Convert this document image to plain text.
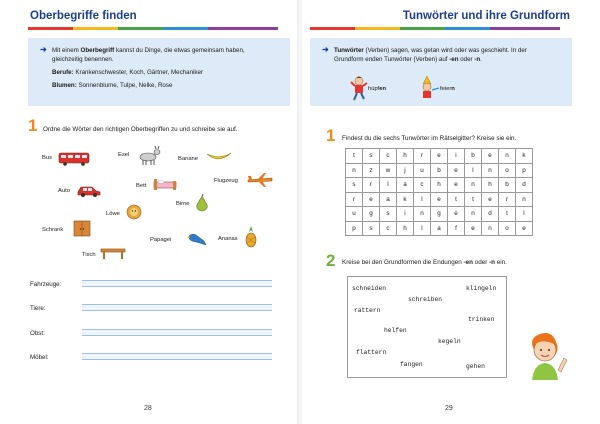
Oberbegriffe finden

➜ Mit einem Oberbegriff kannst du Dinge, die etwas gemeinsam haben,
gleichzeitig benennen.

Berufe: Krankenschwester, Koch, Gärtner, Mechaniker

Blumen: Sonnenblume, Tulpe, Nelke, Rose

1 Ordne die Wörter den richtigen Oberbegriffen zu und schreibe sie auf.
Bus	Esel
Banane
Auto
Bett
Flugzeug
Birne
Löwe
Schrank
Papagei	Ananas
Tisch
Fahrzeuge:
Tiere:
Obst:
Möbel:
28
Tunwörter und ihre Grundform

➜ Tunwörter (Verben) sagen, was getan wird oder was geschieht. In der
Grundform enden Tunwörter (Verben) auf -en oder -n.

hüpfen	feiern
1 Findest du die sechs Tunwörter im Rätselgitter? Kreise sie ein.
t	s	c	h	r	e	i	b	e	n	k
n	z	w	j	u	b	e	l	n	o	p
s	r	l	a	c	h	e	n	h	b	d
r	e	a	k	l	e	t	t	e	r	n
u	g	s	i	n	g	e	n	d	t	l
p	s	c	h	l	a	f	e	n	o	e
2 Kreise bei den Grundformen die Endungen -en oder -n ein.
schneiden	klingeln
schreiben
rattern
trinken
helfen
kegeln
flattern
fangen	gehen
29
